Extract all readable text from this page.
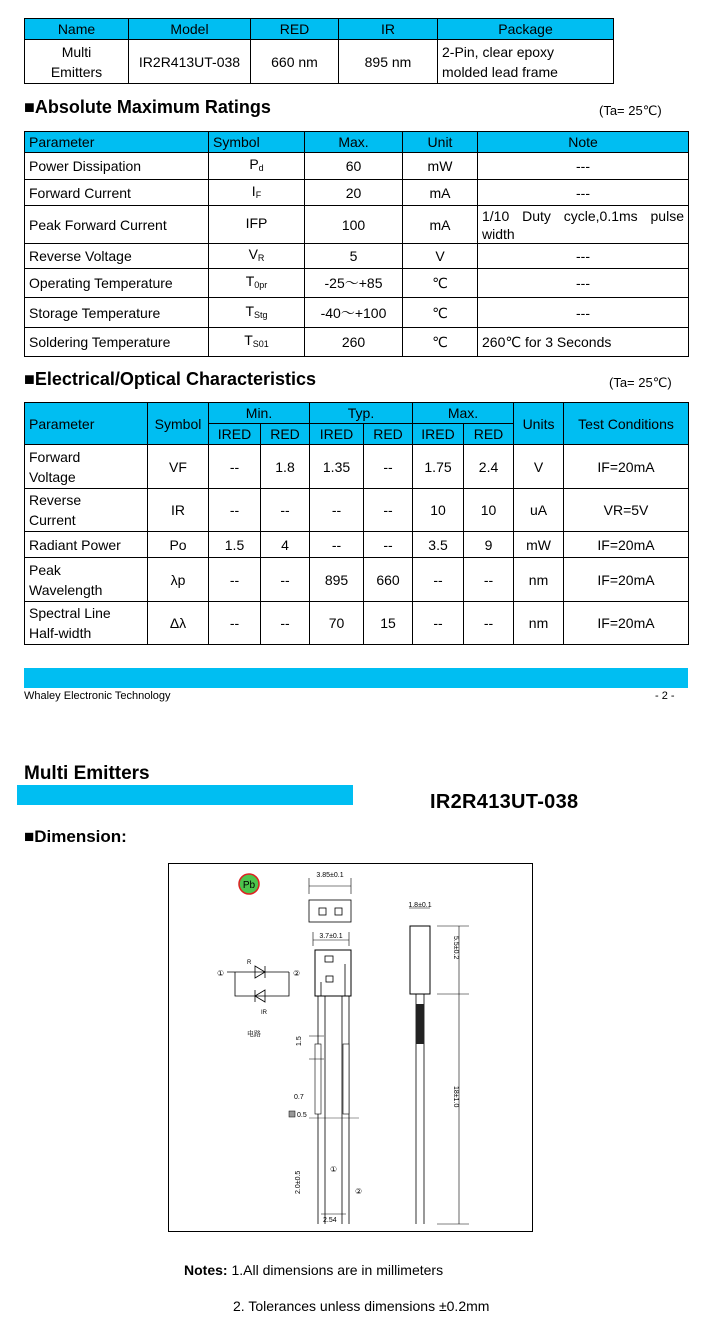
Name	Model	RED	IR	Package
Multi
Emitters	IR2R413UT-038	660 nm	895 nm	2-Pin, clear epoxy
molded lead frame
■Absolute Maximum Ratings	(Ta= 25℃)
Parameter	Symbol	Max.	Unit	Note
Power Dissipation	$P_d$	60	mW	---
Forward Current	$I_F$	20	mA	---
Peak Forward Current	IFP	100	mA	1/10 Duty cycle,0.1ms pulse width
Reverse Voltage	$V_R$	5	V	---
Operating Temperature	$T_{0pr}$	-25～+85	℃	---
Storage Temperature	$T_{Stg}$	-40～+100	℃	---
Soldering Temperature	$T_{S01}$	260	℃	260℃ for 3 Seconds
■Electrical/Optical Characteristics	(Ta= 25℃)
Parameter	Symbol	Min.		Typ.		Max.		Units	Test Conditions
		IRED	RED	IRED	RED	IRED	RED		
Forward
Voltage	VF	--	1.8	1.35	--	1.75	2.4	V	IF=20mA
Reverse
Current	IR	--	--	--	--	10	10	uA	VR=5V
Radiant Power	Po	1.5	4	--	--	3.5	9	mW	IF=20mA
Peak
Wavelength	λp	--	--	895	660	--	--	nm	IF=20mA
Spectral Line
Half-width	Δλ	--	--	70	15	--	--	nm	IF=20mA
Whaley Electronic Technology	- 2 -
Multi Emitters
IR2R413UT-038
■Dimension:
Pb
3.85±0.1
3.7±0.1
1.5
0.7
0.5
2.0±0.5
①
②
2.54
1.8±0.1
5.5±0.2
18±1.0
①
R
IR
②
电路
Notes: 1.All dimensions are in millimeters
2. Tolerances unless dimensions ±0.2mm
